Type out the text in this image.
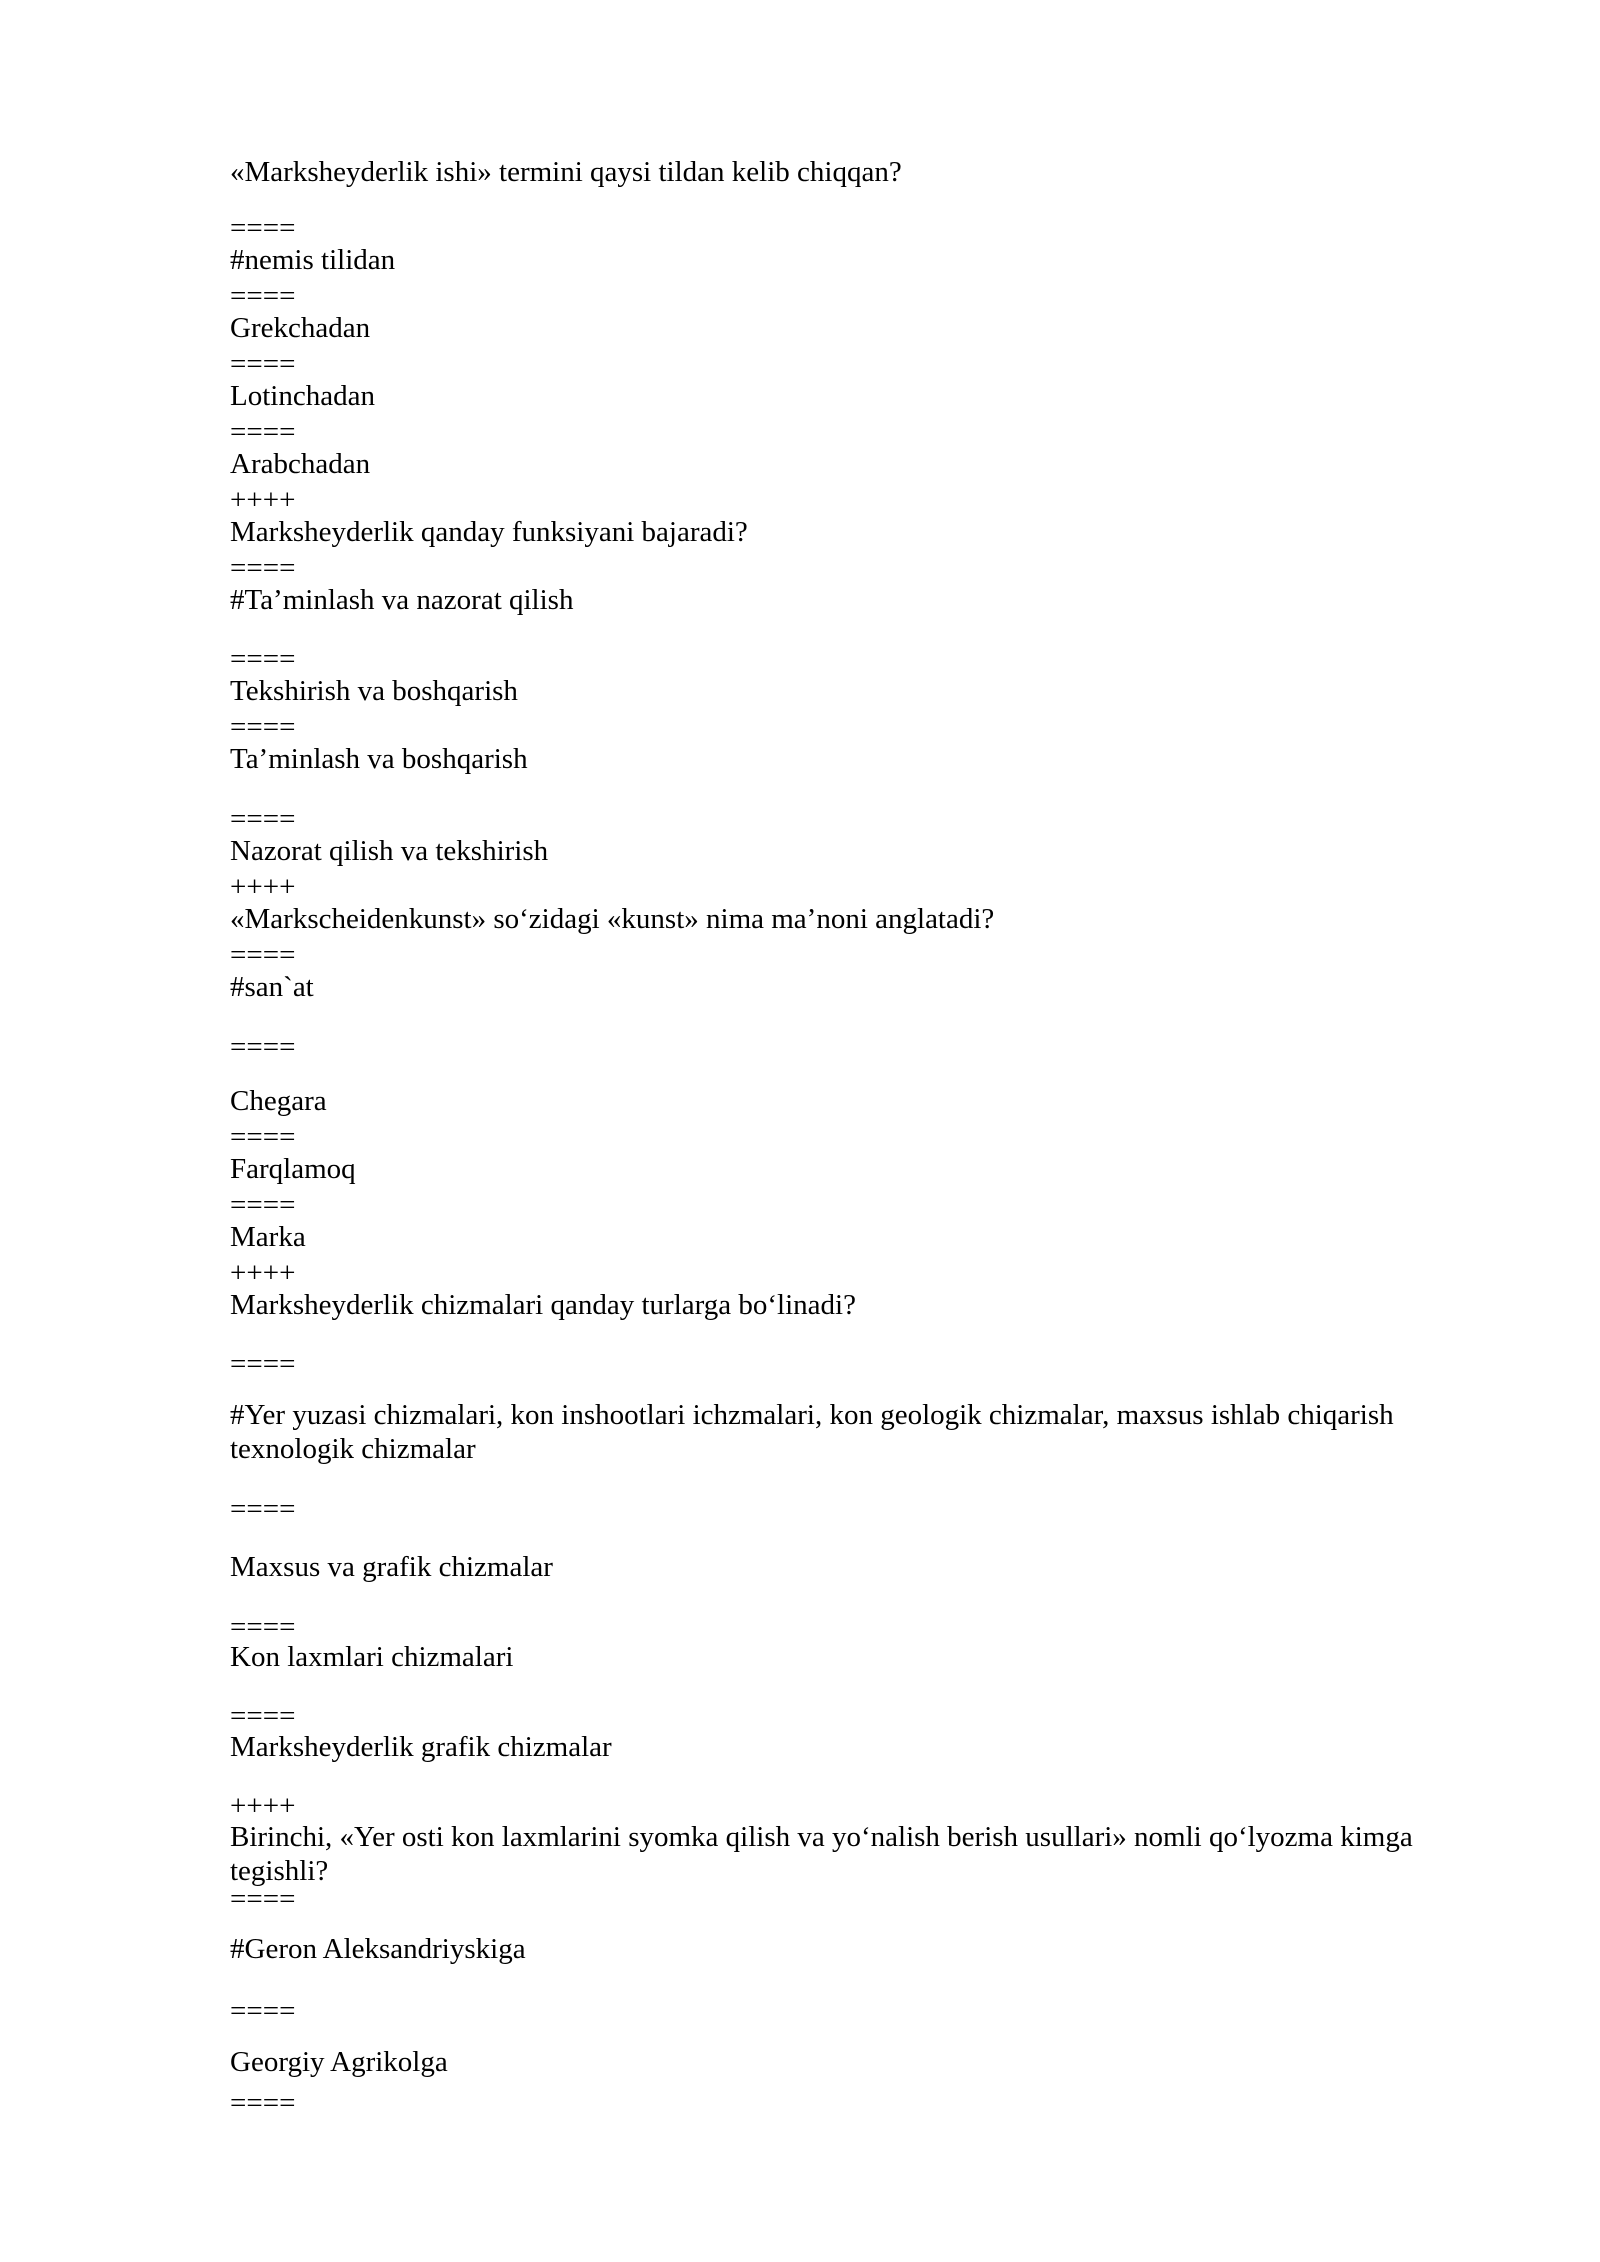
«Marksheyderlik ishi» termini qaysi tildan kelib chiqqan?
====
#nemis tilidan
====
Grekchadan
====
Lotinchadan
====
Arabchadan
++++
Marksheyderlik qanday funksiyani bajaradi?
====
#Ta’minlash va nazorat qilish
====
Tekshirish va boshqarish
====
Ta’minlash va boshqarish
====
Nazorat qilish va tekshirish
++++
«Markscheidenkunst» so‘zidagi «kunst» nima ma’noni anglatadi?
====
#san`at
====
Chegara
====
Farqlamoq
====
Marka
++++
Marksheyderlik chizmalari qanday turlarga bo‘linadi?
====
#Yer yuzasi chizmalari, kon inshootlari ichzmalari, kon geologik chizmalar, maxsus ishlab chiqarish texnologik chizmalar
====
Maxsus va grafik chizmalar
====
Kon laxmlari chizmalari
====
Marksheyderlik grafik chizmalar
++++
Birinchi, «Yer osti kon laxmlarini syomka qilish va yo‘nalish berish usullari» nomli qo‘lyozma kimga tegishli?
====
#Geron Aleksandriyskiga
====
Georgiy Agrikolga
====
